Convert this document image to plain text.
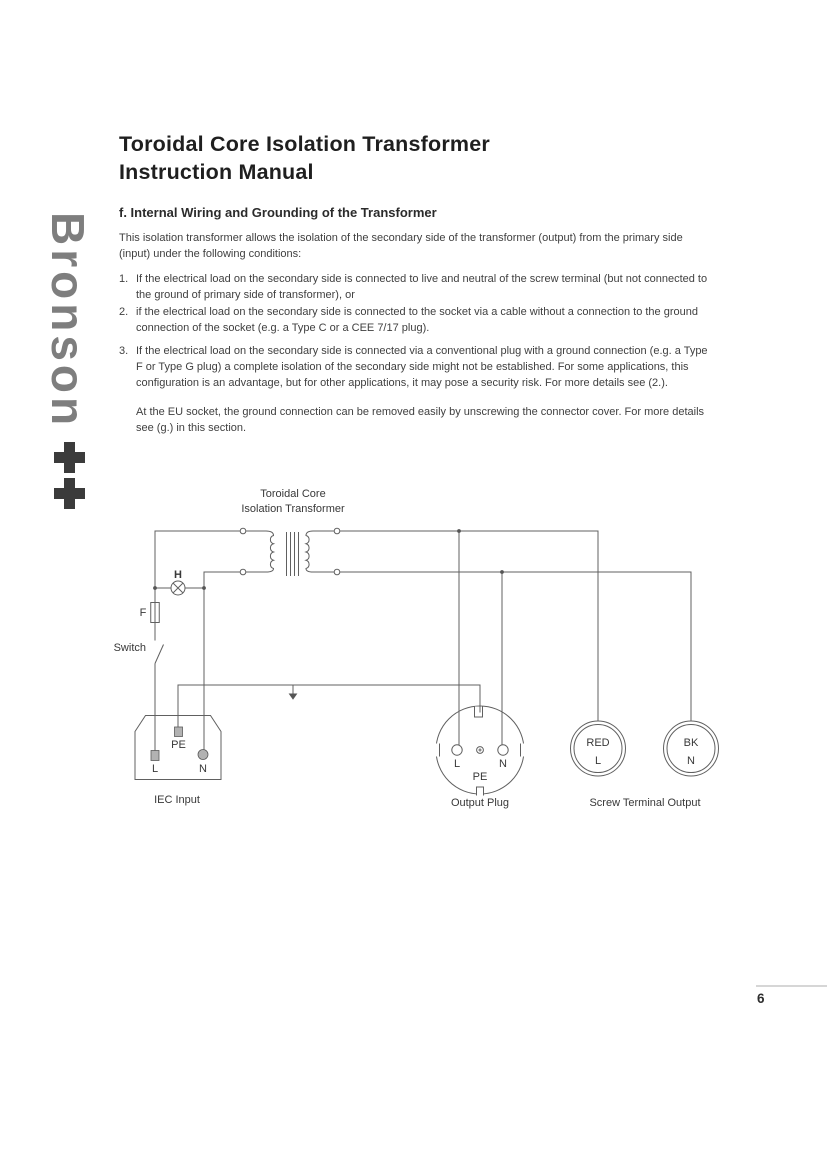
Bronson
Toroidal Core Isolation Transformer
Instruction Manual
f. Internal Wiring and Grounding of the Transformer
This isolation transformer allows the isolation of the secondary side of the transformer (output) from the primary side (input) under the following conditions:
1. If the electrical load on the secondary side is connected to live and neutral of the screw terminal (but not connected to the ground of primary side of transformer), or
2. if the electrical load on the secondary side is connected to the socket via a cable without a connection to the ground connection of the socket (e.g. a Type C or a CEE 7/17 plug).
3. If the electrical load on the secondary side is connected via a conventional plug with a ground connection (e.g. a Type F or Type G plug) a complete isolation of the secondary side might not be established. For some applications, this configuration is an advantage, but for other applications, it may pose a security risk. For more details see (2.).
At the EU socket, the ground connection can be removed easily by unscrewing the connector cover. For more details see (g.) in this section.
Toroidal Core
Isolation Transformer
H
F
Switch
PE
L	N
IEC Input
L	N
PE
Output Plug
RED
L
BK
N
Screw Terminal Output
6
